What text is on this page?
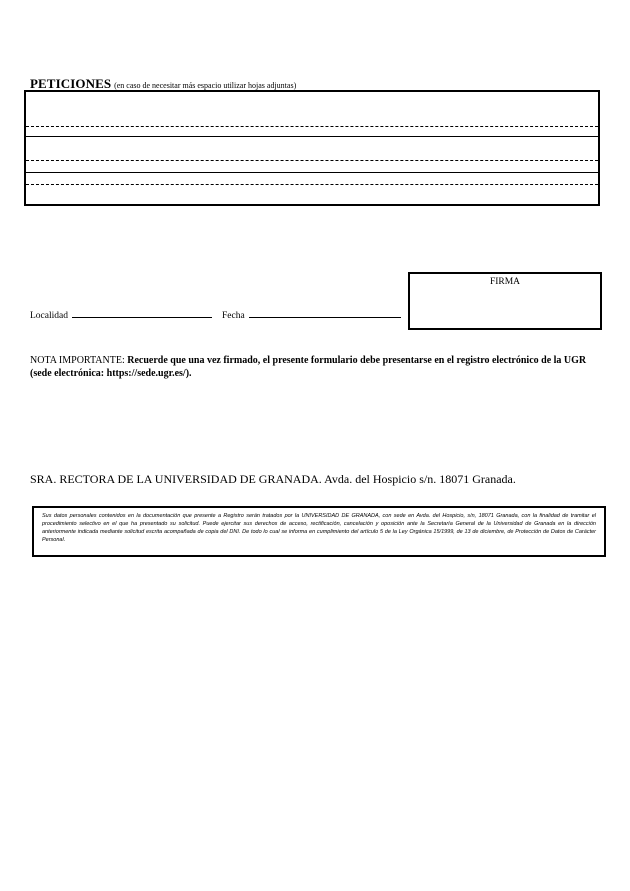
PETICIONES (en caso de necesitar más espacio utilizar hojas adjuntas)
Localidad	Fecha
FIRMA
NOTA IMPORTANTE: Recuerde que una vez firmado, el presente formulario debe presentarse en el registro electrónico de la UGR (sede electrónica: https://sede.ugr.es/).
SRA. RECTORA DE LA UNIVERSIDAD DE GRANADA. Avda. del Hospicio s/n. 18071 Granada.
Sus datos personales contenidos en la documentación que presente a Registro serán tratados por la UNIVERSIDAD DE GRANADA, con sede en Avda. del Hospicio, s/n, 18071 Granada, con la finalidad de tramitar el procedimiento selectivo en el que ha presentado su solicitud. Puede ejercitar sus derechos de acceso, rectificación, cancelación y oposición ante la Secretaría General de la Universidad de Granada en la dirección anteriormente indicada mediante solicitud escrita acompañada de copia del DNI. De todo lo cual se informa en cumplimiento del artículo 5 de la Ley Orgánica 15/1999, de 13 de diciembre, de Protección de Datos de Carácter Personal.
